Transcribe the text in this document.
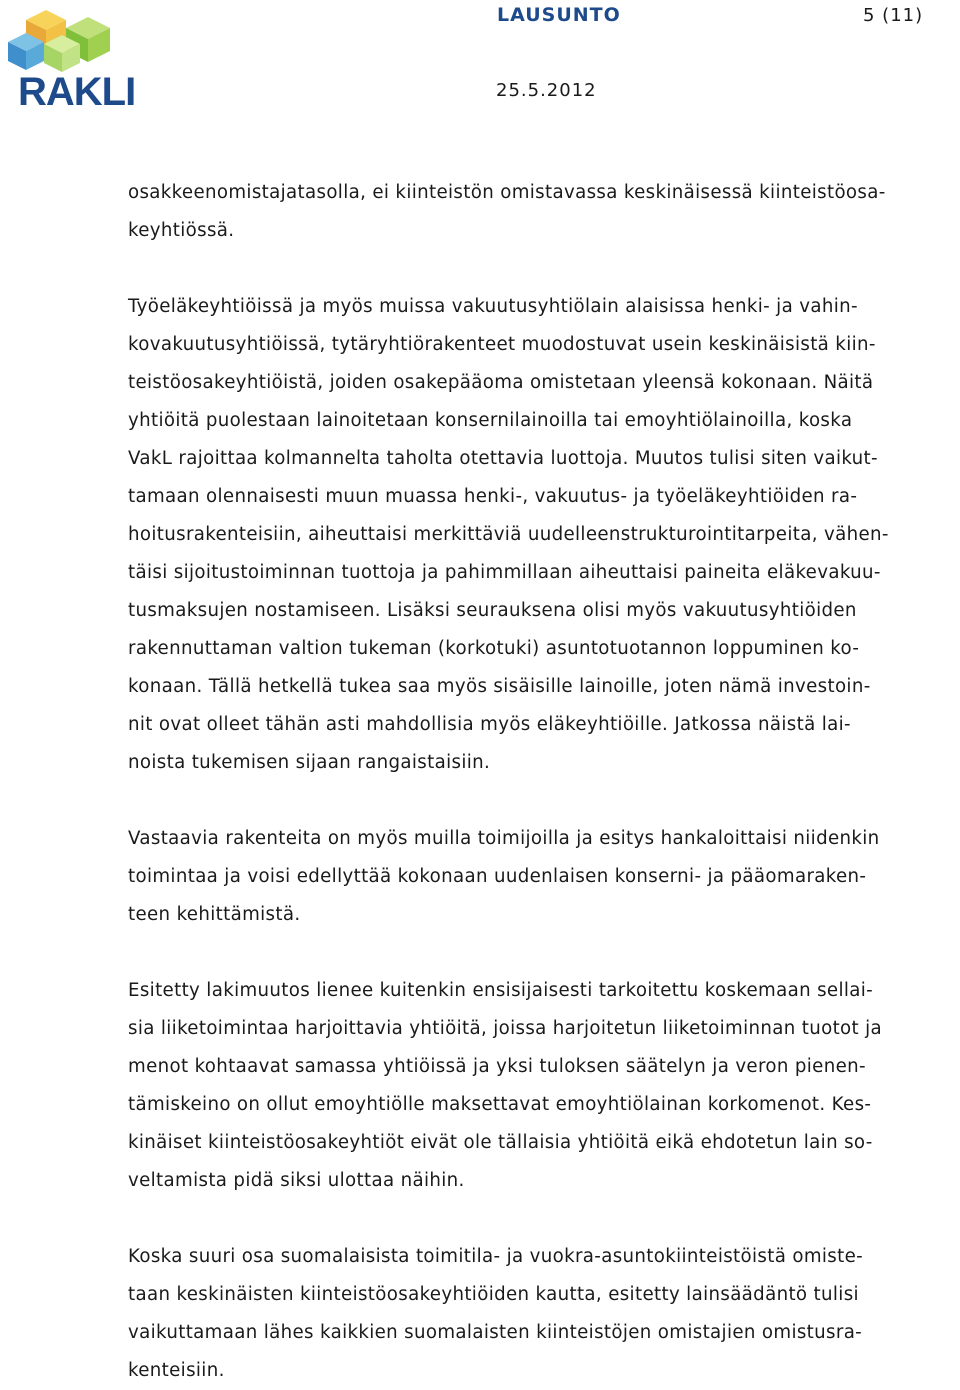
RAKLI
LAUSUNTO	5 (11)
25.5.2012
osakkeenomistajatasolla, ei kiinteistön omistavassa keskinäisessä kiinteistöosa-
keyhtiössä.
Työeläkeyhtiöissä ja myös muissa vakuutusyhtiölain alaisissa henki- ja vahin-
kovakuutusyhtiöissä, tytäryhtiörakenteet muodostuvat usein keskinäisistä kiin-
teistöosakeyhtiöistä, joiden osakepääoma omistetaan yleensä kokonaan. Näitä
yhtiöitä puolestaan lainoitetaan konsernilainoilla tai emoyhtiölainoilla, koska
VakL rajoittaa kolmannelta taholta otettavia luottoja. Muutos tulisi siten vaikut-
tamaan olennaisesti muun muassa henki-, vakuutus- ja työeläkeyhtiöiden ra-
hoitusrakenteisiin, aiheuttaisi merkittäviä uudelleenstrukturointitarpeita, vähen-
täisi sijoitustoiminnan tuottoja ja pahimmillaan aiheuttaisi paineita eläkevakuu-
tusmaksujen nostamiseen. Lisäksi seurauksena olisi myös vakuutusyhtiöiden
rakennuttaman valtion tukeman (korkotuki) asuntotuotannon loppuminen ko-
konaan. Tällä hetkellä tukea saa myös sisäisille lainoille, joten nämä investoin-
nit ovat olleet tähän asti mahdollisia myös eläkeyhtiöille. Jatkossa näistä lai-
noista tukemisen sijaan rangaistaisiin.
Vastaavia rakenteita on myös muilla toimijoilla ja esitys hankaloittaisi niidenkin
toimintaa ja voisi edellyttää kokonaan uudenlaisen konserni- ja pääomaraken-
teen kehittämistä.
Esitetty lakimuutos lienee kuitenkin ensisijaisesti tarkoitettu koskemaan sellai-
sia liiketoimintaa harjoittavia yhtiöitä, joissa harjoitetun liiketoiminnan tuotot ja
menot kohtaavat samassa yhtiöissä ja yksi tuloksen säätelyn ja veron pienen-
tämiskeino on ollut emoyhtiölle maksettavat emoyhtiölainan korkomenot. Kes-
kinäiset kiinteistöosakeyhtiöt eivät ole tällaisia yhtiöitä eikä ehdotetun lain so-
veltamista pidä siksi ulottaa näihin.
Koska suuri osa suomalaisista toimitila- ja vuokra-asuntokiinteistöistä omiste-
taan keskinäisten kiinteistöosakeyhtiöiden kautta, esitetty lainsäädäntö tulisi
vaikuttamaan lähes kaikkien suomalaisten kiinteistöjen omistajien omistusra-
kenteisiin.
